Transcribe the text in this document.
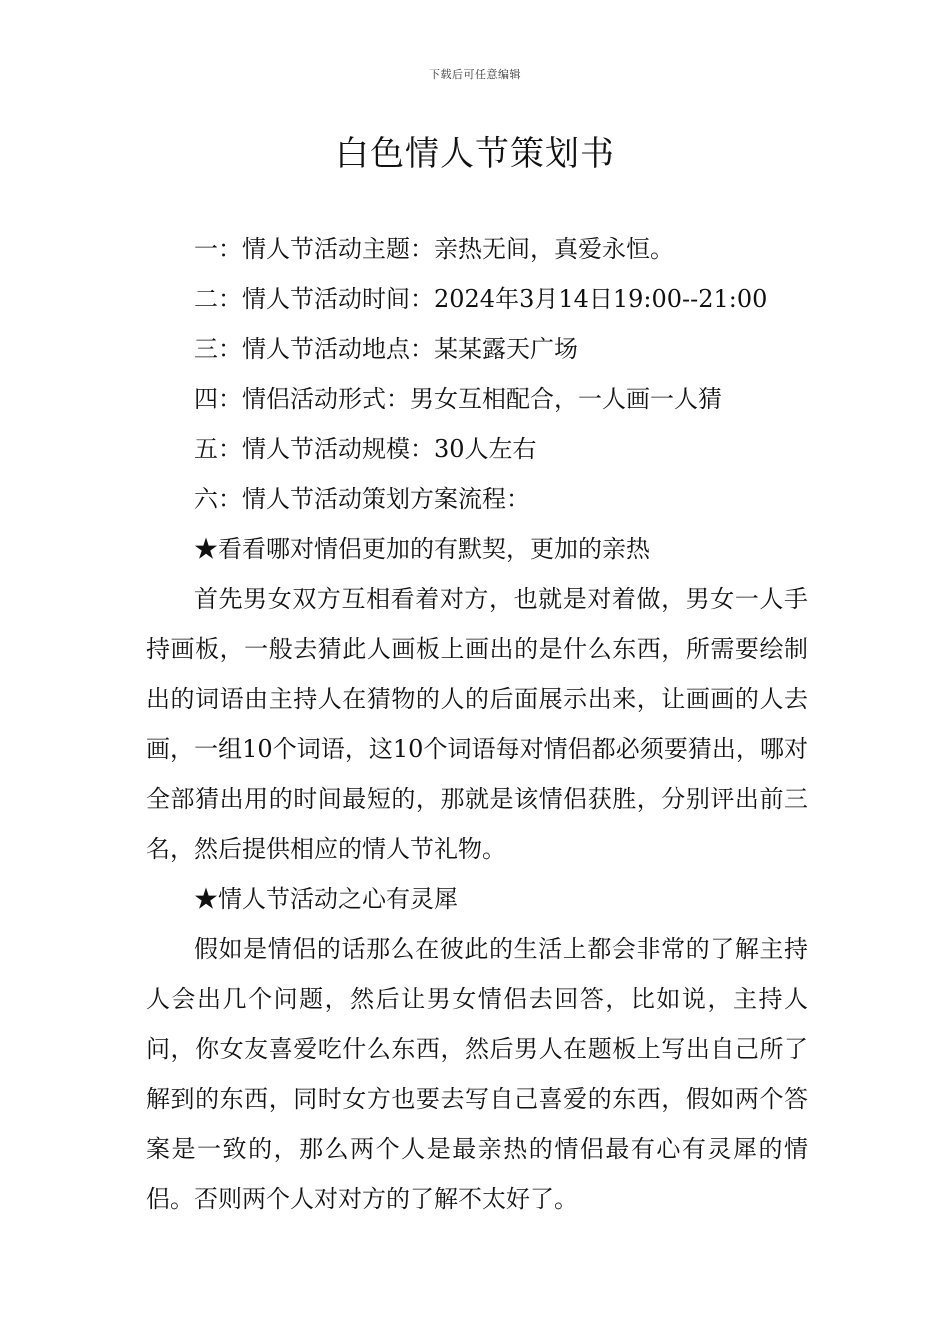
下载后可任意编辑
白色情人节策划书

一：情人节活动主题：亲热无间，真爱永恒。

二：情人节活动时间：2024年3月14日19:00--21:00

三：情人节活动地点：某某露天广场

四：情侣活动形式：男女互相配合，一人画一人猜

五：情人节活动规模：30人左右

六：情人节活动策划方案流程：

★看看哪对情侣更加的有默契，更加的亲热

首先男女双方互相看着对方，也就是对着做，男女一人手持画板，一般去猜此人画板上画出的是什么东西，所需要绘制出的词语由主持人在猜物的人的后面展示出来，让画画的人去画，一组10个词语，这10个词语每对情侣都必须要猜出，哪对全部猜出用的时间最短的，那就是该情侣获胜，分别评出前三名，然后提供相应的情人节礼物。

★情人节活动之心有灵犀

假如是情侣的话那么在彼此的生活上都会非常的了解主持人会出几个问题，然后让男女情侣去回答，比如说，主持人问，你女友喜爱吃什么东西，然后男人在题板上写出自己所了解到的东西，同时女方也要去写自己喜爱的东西，假如两个答案是一致的，那么两个人是最亲热的情侣最有心有灵犀的情侣。否则两个人对对方的了解不太好了。
